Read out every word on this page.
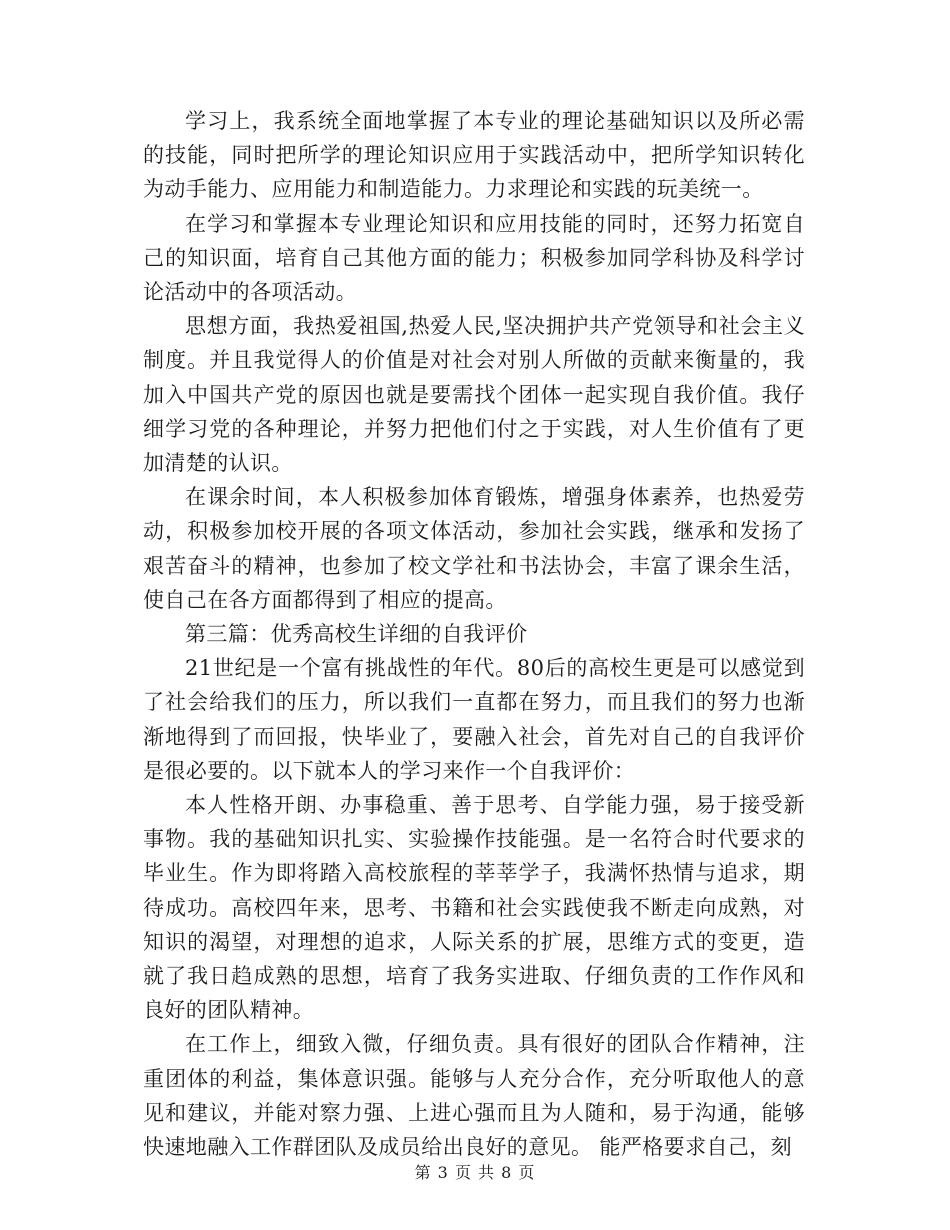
学习上，我系统全面地掌握了本专业的理论基础知识以及所必需的技能，同时把所学的理论知识应用于实践活动中，把所学知识转化为动手能力、应用能力和制造能力。力求理论和实践的玩美统一。

在学习和掌握本专业理论知识和应用技能的同时，还努力拓宽自己的知识面，培育自己其他方面的能力；积极参加同学科协及科学讨论活动中的各项活动。

思想方面，我热爱祖国,热爱人民,坚决拥护共产党领导和社会主义制度。并且我觉得人的价值是对社会对别人所做的贡献来衡量的，我加入中国共产党的原因也就是要需找个团体一起实现自我价值。我仔细学习党的各种理论，并努力把他们付之于实践，对人生价值有了更加清楚的认识。

在课余时间，本人积极参加体育锻炼，增强身体素养，也热爱劳动，积极参加校开展的各项文体活动，参加社会实践，继承和发扬了艰苦奋斗的精神，也参加了校文学社和书法协会，丰富了课余生活，使自己在各方面都得到了相应的提高。

第三篇：优秀高校生详细的自我评价

21世纪是一个富有挑战性的年代。80后的高校生更是可以感觉到了社会给我们的压力，所以我们一直都在努力，而且我们的努力也渐渐地得到了而回报，快毕业了，要融入社会，首先对自己的自我评价是很必要的。以下就本人的学习来作一个自我评价：

本人性格开朗、办事稳重、善于思考、自学能力强，易于接受新事物。我的基础知识扎实、实验操作技能强。是一名符合时代要求的毕业生。作为即将踏入高校旅程的莘莘学子，我满怀热情与追求，期待成功。高校四年来，思考、书籍和社会实践使我不断走向成熟，对知识的渴望，对理想的追求，人际关系的扩展，思维方式的变更，造就了我日趋成熟的思想，培育了我务实进取、仔细负责的工作作风和良好的团队精神。

在工作上，细致入微，仔细负责。具有很好的团队合作精神，注重团体的利益，集体意识强。能够与人充分合作，充分听取他人的意见和建议，并能对察力强、上进心强而且为人随和，易于沟通，能够快速地融入工作群团队及成员给出良好的意见。 能严格要求自己，刻

第 3 页 共 8 页
